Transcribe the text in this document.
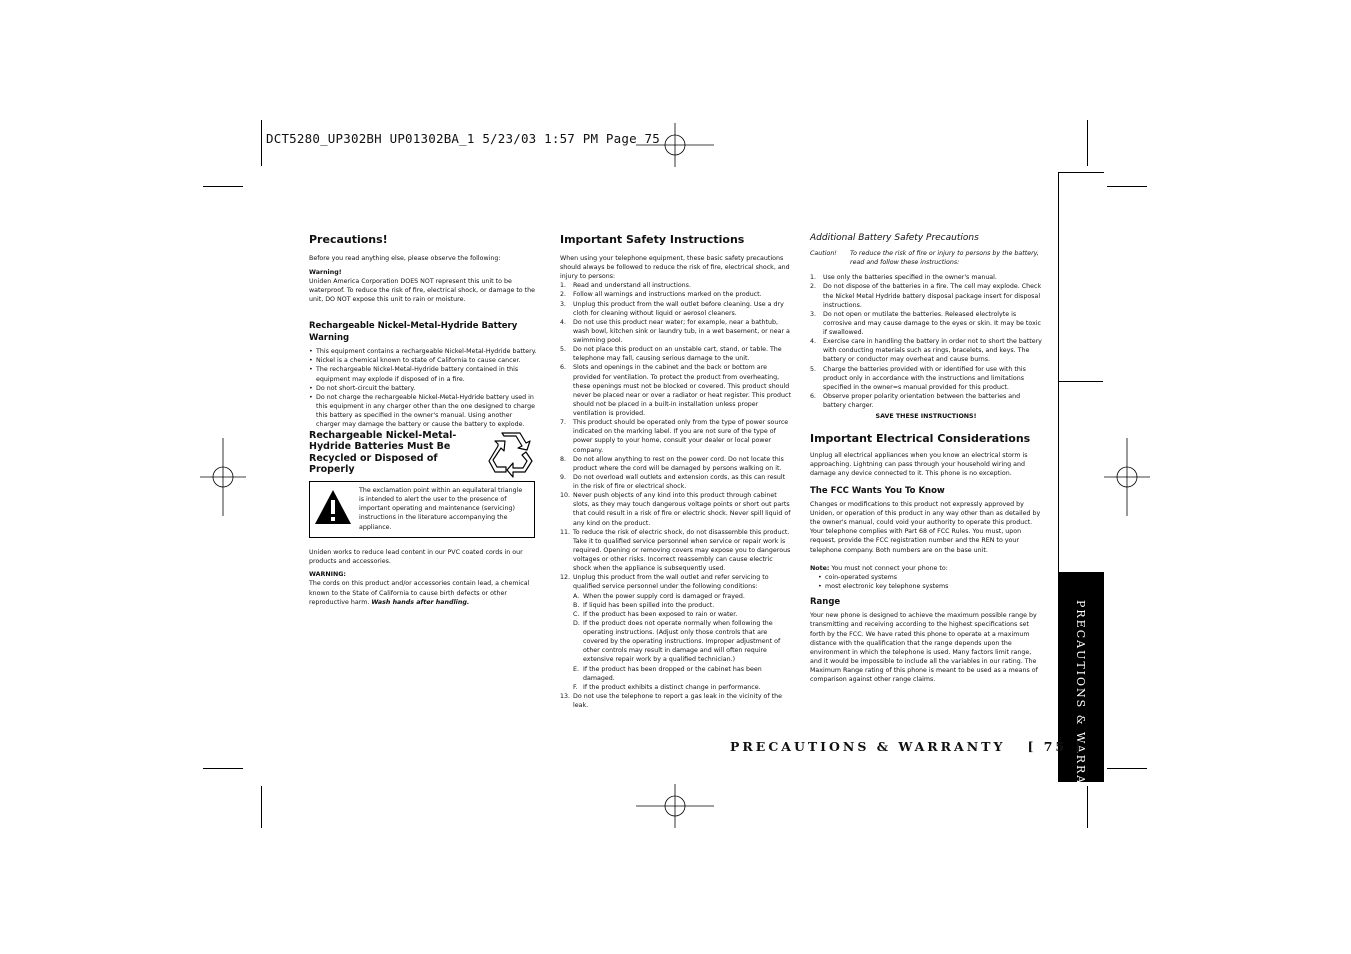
DCT5280_UP302BH UP01302BA_1 5/23/03 1:57 PM Page 75
Precautions!

Before you read anything else, please observe the following:

Warning!

Uniden America Corporation DOES NOT represent this unit to be waterproof. To reduce the risk of fire, electrical shock, or damage to the unit, DO NOT expose this unit to rain or moisture.

Rechargeable Nickel-Metal-Hydride Battery Warning
• This equipment contains a rechargeable Nickel-Metal-Hydride battery.
• Nickel is a chemical known to state of California to cause cancer.
• The rechargeable Nickel-Metal-Hydride battery contained in this equipment may explode if disposed of in a fire.
• Do not short-circuit the battery.
• Do not charge the rechargeable Nickel-Metal-Hydride battery used in this equipment in any charger other than the one designed to charge this battery as specified in the owner's manual. Using another charger may damage the battery or cause the battery to explode.
Rechargeable Nickel-Metal-Hydride Batteries Must Be Recycled or Disposed of Properly
The exclamation point within an equilateral triangle is intended to alert the user to the presence of important operating and maintenance (servicing) instructions in the literature accompanying the appliance.

Uniden works to reduce lead content in our PVC coated cords in our products and accessories.

WARNING:

The cords on this product and/or accessories contain lead, a chemical known to the State of California to cause birth defects or other reproductive harm. Wash hands after handling.

Important Safety Instructions

When using your telephone equipment, these basic safety precautions should always be followed to reduce the risk of fire, electrical shock, and injury to persons:

1. Read and understand all instructions.
2. Follow all warnings and instructions marked on the product.
3. Unplug this product from the wall outlet before cleaning. Use a dry cloth for cleaning without liquid or aerosol cleaners.
4. Do not use this product near water; for example, near a bathtub, wash bowl, kitchen sink or laundry tub, in a wet basement, or near a swimming pool.
5. Do not place this product on an unstable cart, stand, or table. The telephone may fall, causing serious damage to the unit.
6. Slots and openings in the cabinet and the back or bottom are provided for ventilation. To protect the product from overheating, these openings must not be blocked or covered. This product should never be placed near or over a radiator or heat register. This product should not be placed in a built-in installation unless proper ventilation is provided.
7. This product should be operated only from the type of power source indicated on the marking label. If you are not sure of the type of power supply to your home, consult your dealer or local power company.
8. Do not allow anything to rest on the power cord. Do not locate this product where the cord will be damaged by persons walking on it.
9. Do not overload wall outlets and extension cords, as this can result in the risk of fire or electrical shock.
10. Never push objects of any kind into this product through cabinet slots, as they may touch dangerous voltage points or short out parts that could result in a risk of fire or electric shock. Never spill liquid of any kind on the product.
11. To reduce the risk of electric shock, do not disassemble this product. Take it to qualified service personnel when service or repair work is required. Opening or removing covers may expose you to dangerous voltages or other risks. Incorrect reassembly can cause electric shock when the appliance is subsequently used.
12. Unplug this product from the wall outlet and refer servicing to qualified service personnel under the following conditions:
A. When the power supply cord is damaged or frayed.
B. If liquid has been spilled into the product.
C. If the product has been exposed to rain or water.
D. If the product does not operate normally when following the operating instructions. (Adjust only those controls that are covered by the operating instructions. Improper adjustment of other controls may result in damage and will often require extensive repair work by a qualified technician.)
E. If the product has been dropped or the cabinet has been damaged.
F. If the product exhibits a distinct change in performance.
13. Do not use the telephone to report a gas leak in the vicinity of the leak.

Additional Battery Safety Precautions

Caution! To reduce the risk of fire or injury to persons by the battery, read and follow these instructions:
1. Use only the batteries specified in the owner's manual.
2. Do not dispose of the batteries in a fire. The cell may explode. Check the Nickel Metal Hydride battery disposal package insert for disposal instructions.
3. Do not open or mutilate the batteries. Released electrolyte is corrosive and may cause damage to the eyes or skin. It may be toxic if swallowed.
4. Exercise care in handling the battery in order not to short the battery with conducting materials such as rings, bracelets, and keys. The battery or conductor may overheat and cause burns.
5. Charge the batteries provided with or identified for use with this product only in accordance with the instructions and limitations specified in the owner=s manual provided for this product.
6. Observe proper polarity orientation between the batteries and battery charger.

SAVE THESE INSTRUCTIONS!

Important Electrical Considerations

Unplug all electrical appliances when you know an electrical storm is approaching. Lightning can pass through your household wiring and damage any device connected to it. This phone is no exception.

The FCC Wants You To Know

Changes or modifications to this product not expressly approved by Uniden, or operation of this product in any way other than as detailed by the owner's manual, could void your authority to operate this product. Your telephone complies with Part 68 of FCC Rules. You must, upon request, provide the FCC registration number and the REN to your telephone company. Both numbers are on the base unit.

Note: You must not connect your phone to:

• coin-operated systems
• most electronic key telephone systems
Range

Your new phone is designed to achieve the maximum possible range by transmitting and receiving according to the highest specifications set forth by the FCC. We have rated this phone to operate at a maximum distance with the qualification that the range depends upon the environment in which the telephone is used. Many factors limit range, and it would be impossible to include all the variables in our rating. The Maximum Range rating of this phone is meant to be used as a means of comparison against other range claims.	PRECAUTIONS & WARRANTY
PRECAUTIONS & WARRANTY   [ 75 ]
